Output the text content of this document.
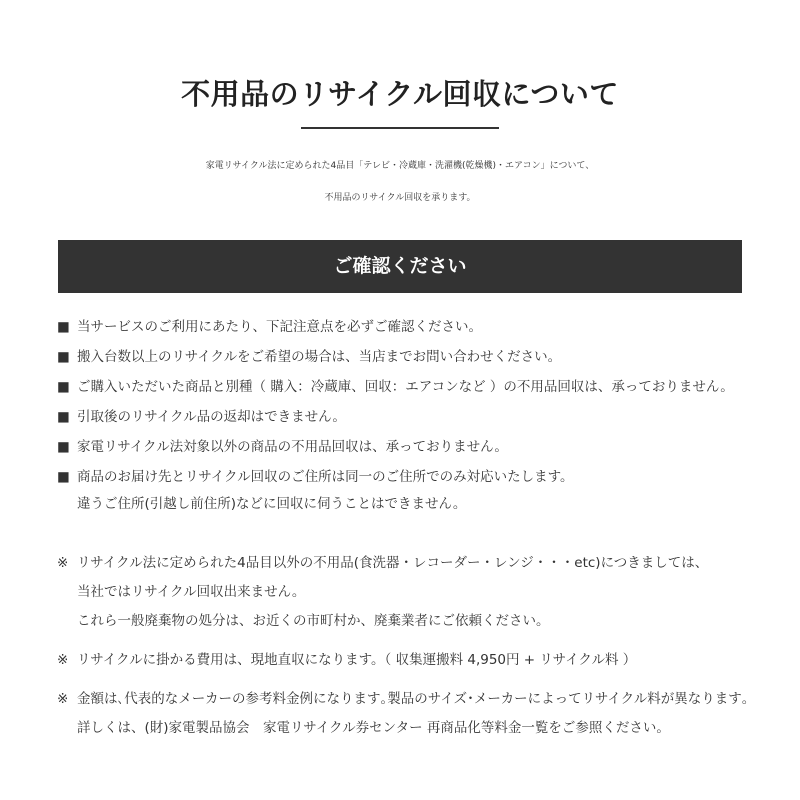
不用品のリサイクル回収について
家電リサイクル法に定められた4品目「テレビ・冷蔵庫・洗濯機(乾燥機)・エアコン」について、
不用品のリサイクル回収を承ります。
ご確認ください
■ 当サービスのご利用にあたり、下記注意点を必ずご確認ください。
■ 搬入台数以上のリサイクルをご希望の場合は、当店までお問い合わせください。
■ ご購入いただいた商品と別種（ 購入：冷蔵庫、回収：エアコンなど ）の不用品回収は、承っておりません。
■ 引取後のリサイクル品の返却はできません。
■ 家電リサイクル法対象以外の商品の不用品回収は、承っておりません。
■ 商品のお届け先とリサイクル回収のご住所は同一のご住所でのみ対応いたします。
違うご住所(引越し前住所)などに回収に伺うことはできません。
※ リサイクル法に定められた4品目以外の不用品(食洗器・レコーダー・レンジ・・・etc)につきましては、
当社ではリサイクル回収出来ません。
これら一般廃棄物の処分は、お近くの市町村か、廃棄業者にご依頼ください。
※ リサイクルに掛かる費用は、現地直収になります。（ 収集運搬料 4,950円 + リサイクル料 ）
※ 金額は､代表的なメーカーの参考料金例になります｡製品のサイズ･メーカーによってリサイクル料が異なります｡
詳しくは、(財)家電製品協会　家電リサイクル券センター 再商品化等料金一覧をご参照ください。
